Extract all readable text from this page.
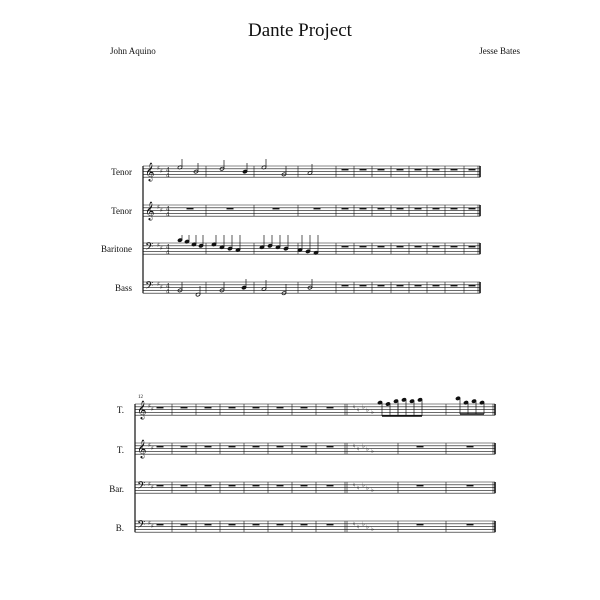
Dante Project
John Aquino	Jesse Bates
Tenor
Tenor
Baritone
Bass
T.
T.
Bar.
B.
12
𝄞
𝄞
𝄢
𝄢
4
4
4
4
4
4
4
4
♯ ♯
♯ ♯
♯ ♯
♯ ♯
𝄞
𝄞
𝄢
𝄢
♯ ♯	♮ ♮ ♭ ♭ ♭
♯ ♯	♮ ♮ ♭ ♭ ♭
♯ ♯	♮ ♮ ♭ ♭ ♭
♯ ♯	♮ ♮ ♭ ♭ ♭
